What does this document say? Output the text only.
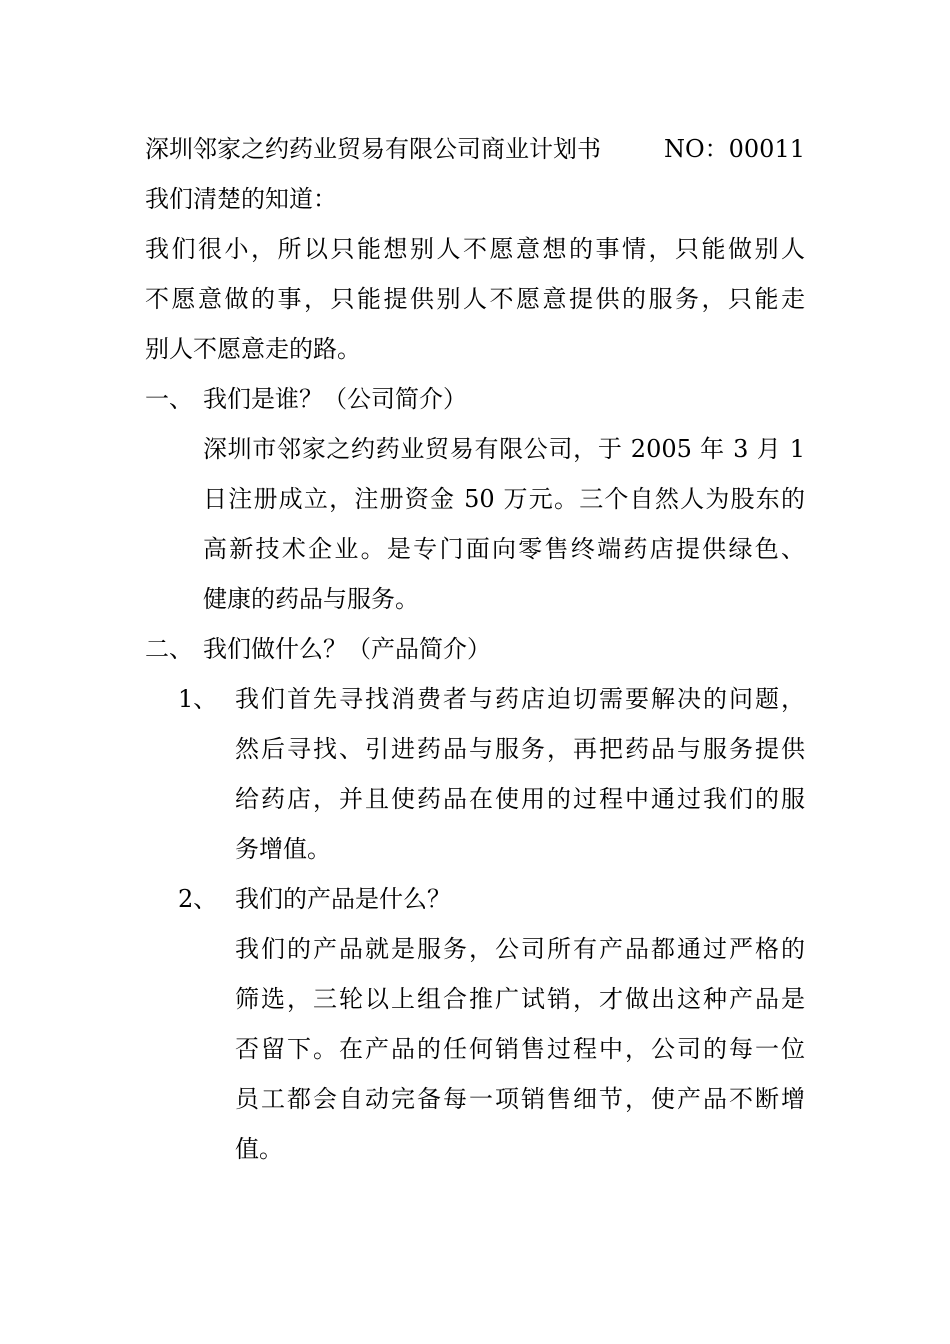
深圳邻家之约药业贸易有限公司商业计划书	NO：00011
我们清楚的知道：
我们很小，所以只能想别人不愿意想的事情，只能做别人
不愿意做的事，只能提供别人不愿意提供的服务，只能走
别人不愿意走的路。
一、 我们是谁？（公司简介）
深圳市邻家之约药业贸易有限公司，于 2005 年 3 月 1
日注册成立，注册资金 50 万元。三个自然人为股东的
高新技术企业。是专门面向零售终端药店提供绿色、
健康的药品与服务。
二、 我们做什么？（产品简介）
1、 我们首先寻找消费者与药店迫切需要解决的问题，
然后寻找、引进药品与服务，再把药品与服务提供
给药店，并且使药品在使用的过程中通过我们的服
务增值。
2、 我们的产品是什么？
我们的产品就是服务，公司所有产品都通过严格的
筛选，三轮以上组合推广试销，才做出这种产品是
否留下。在产品的任何销售过程中，公司的每一位
员工都会自动完备每一项销售细节，使产品不断增
值。
